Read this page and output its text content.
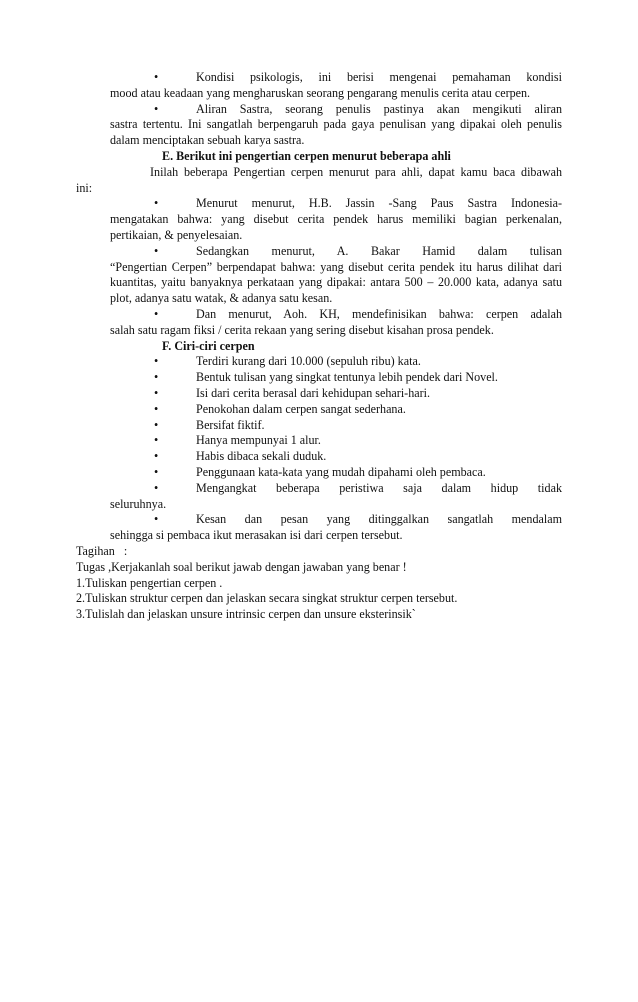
•	Kondisi psikologis, ini berisi mengenai pemahaman kondisi
mood atau keadaan yang mengharuskan seorang pengarang menulis cerita atau cerpen.
•	Aliran Sastra, seorang penulis pastinya akan mengikuti aliran
sastra tertentu. Ini sangatlah berpengaruh pada gaya penulisan yang dipakai oleh penulis dalam menciptakan sebuah karya sastra.
E. Berikut ini pengertian cerpen menurut beberapa ahli
Inilah beberapa Pengertian cerpen menurut para ahli, dapat kamu baca dibawah
ini:
•	Menurut menurut, H.B. Jassin -Sang Paus Sastra Indonesia-
mengatakan bahwa: yang disebut cerita pendek harus memiliki bagian perkenalan, pertikaian, & penyelesaian.
•	Sedangkan menurut, A. Bakar Hamid dalam tulisan
“Pengertian Cerpen” berpendapat bahwa: yang disebut cerita pendek itu harus dilihat dari kuantitas, yaitu banyaknya perkataan yang dipakai: antara 500 – 20.000 kata, adanya satu plot, adanya satu watak, & adanya satu kesan.
•	Dan menurut, Aoh. KH, mendefinisikan bahwa: cerpen adalah
salah satu ragam fiksi / cerita rekaan yang sering disebut kisahan prosa pendek.
F. Ciri-ciri cerpen
•	Terdiri kurang dari 10.000 (sepuluh ribu) kata.
•	Bentuk tulisan yang singkat tentunya lebih pendek dari Novel.
•	Isi dari cerita berasal dari kehidupan sehari-hari.
•	Penokohan dalam cerpen sangat sederhana.
•	Bersifat fiktif.
•	Hanya mempunyai 1 alur.
•	Habis dibaca sekali duduk.
•	Penggunaan kata-kata yang mudah dipahami oleh pembaca.
•	Mengangkat beberapa peristiwa saja dalam hidup tidak
seluruhnya.
•	Kesan dan pesan yang ditinggalkan sangatlah mendalam
sehingga si pembaca ikut merasakan isi dari cerpen tersebut.
Tagihan   :
Tugas ,Kerjakanlah soal berikut jawab dengan jawaban yang benar !
1.Tuliskan pengertian cerpen .
2.Tuliskan struktur cerpen dan jelaskan secara singkat struktur cerpen tersebut.
3.Tulislah dan jelaskan unsure intrinsic cerpen dan unsure eksterinsik`
